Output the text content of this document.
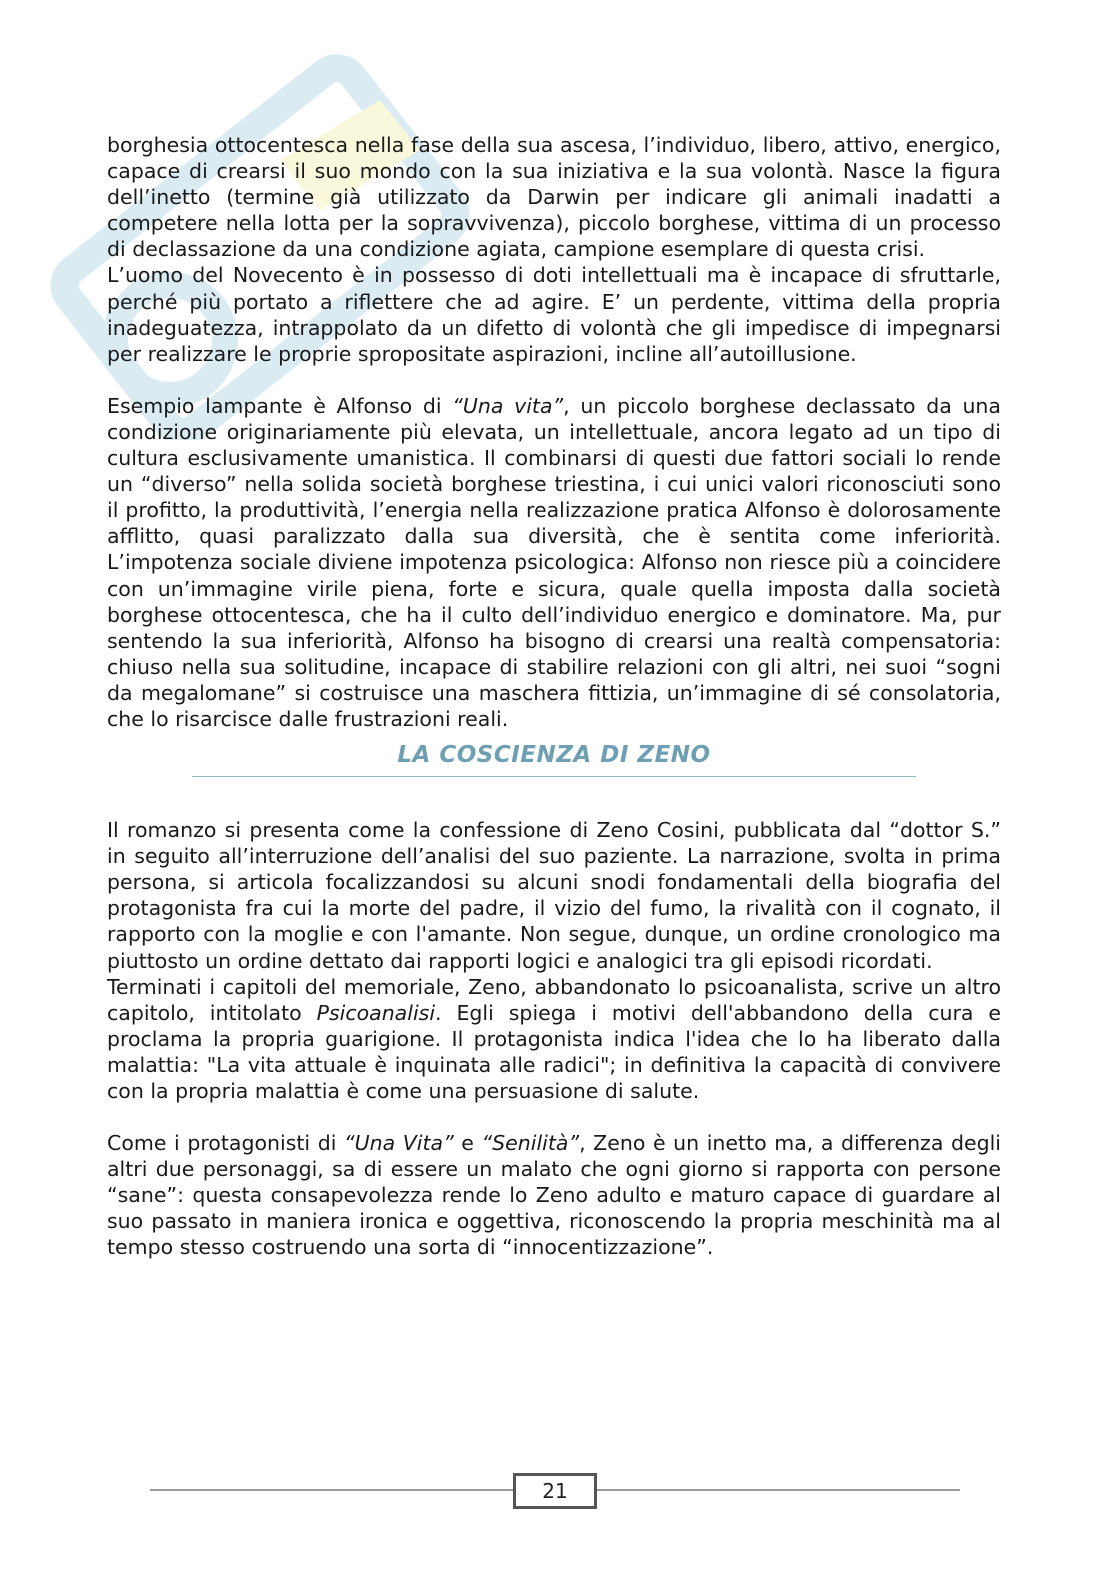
borghesia ottocentesca nella fase della sua ascesa, l’individuo, libero, attivo, energico, capace di crearsi il suo mondo con la sua iniziativa e la sua volontà. Nasce la figura dell’inetto (termine già utilizzato da Darwin per indicare gli animali inadatti a competere nella lotta per la sopravvivenza), piccolo borghese, vittima di un processo di declassazione da una condizione agiata, campione esemplare di questa crisi.

L’uomo del Novecento è in possesso di doti intellettuali ma è incapace di sfruttarle, perché più portato a riflettere che ad agire. E’ un perdente, vittima della propria inadeguatezza, intrappolato da un difetto di volontà che gli impedisce di impegnarsi per realizzare le proprie spropositate aspirazioni, incline all’autoillusione.

Esempio lampante è Alfonso di “Una vita”, un piccolo borghese declassato da una condizione originariamente più elevata, un intellettuale, ancora legato ad un tipo di cultura esclusivamente umanistica. Il combinarsi di questi due fattori sociali lo rende un “diverso” nella solida società borghese triestina, i cui unici valori riconosciuti sono il profitto, la produttività, l’energia nella realizzazione pratica Alfonso è dolorosamente afflitto, quasi paralizzato dalla sua diversità, che è sentita come inferiorità. L’impotenza sociale diviene impotenza psicologica: Alfonso non riesce più a coincidere con un’immagine virile piena, forte e sicura, quale quella imposta dalla società borghese ottocentesca, che ha il culto dell’individuo energico e dominatore. Ma, pur sentendo la sua inferiorità, Alfonso ha bisogno di crearsi una realtà compensatoria: chiuso nella sua solitudine, incapace di stabilire relazioni con gli altri, nei suoi “sogni da megalomane” si costruisce una maschera fittizia, un’immagine di sé consolatoria, che lo risarcisce dalle frustrazioni reali.

LA COSCIENZA DI ZENO

Il romanzo si presenta come la confessione di Zeno Cosini, pubblicata dal “dottor S.” in seguito all’interruzione dell’analisi del suo paziente. La narrazione, svolta in prima persona, si articola focalizzandosi su alcuni snodi fondamentali della biografia del protagonista fra cui la morte del padre, il vizio del fumo, la rivalità con il cognato, il rapporto con la moglie e con l'amante. Non segue, dunque, un ordine cronologico ma piuttosto un ordine dettato dai rapporti logici e analogici tra gli episodi ricordati.

Terminati i capitoli del memoriale, Zeno, abbandonato lo psicoanalista, scrive un altro capitolo, intitolato Psicoanalisi. Egli spiega i motivi dell'abbandono della cura e proclama la propria guarigione. Il protagonista indica l'idea che lo ha liberato dalla malattia: "La vita attuale è inquinata alle radici"; in definitiva la capacità di convivere con la propria malattia è come una persuasione di salute.

Come i protagonisti di “Una Vita” e “Senilità”, Zeno è un inetto ma, a differenza degli altri due personaggi, sa di essere un malato che ogni giorno si rapporta con persone “sane”: questa consapevolezza rende lo Zeno adulto e maturo capace di guardare al suo passato in maniera ironica e oggettiva, riconoscendo la propria meschinità ma al tempo stesso costruendo una sorta di “innocentizzazione”.

21
